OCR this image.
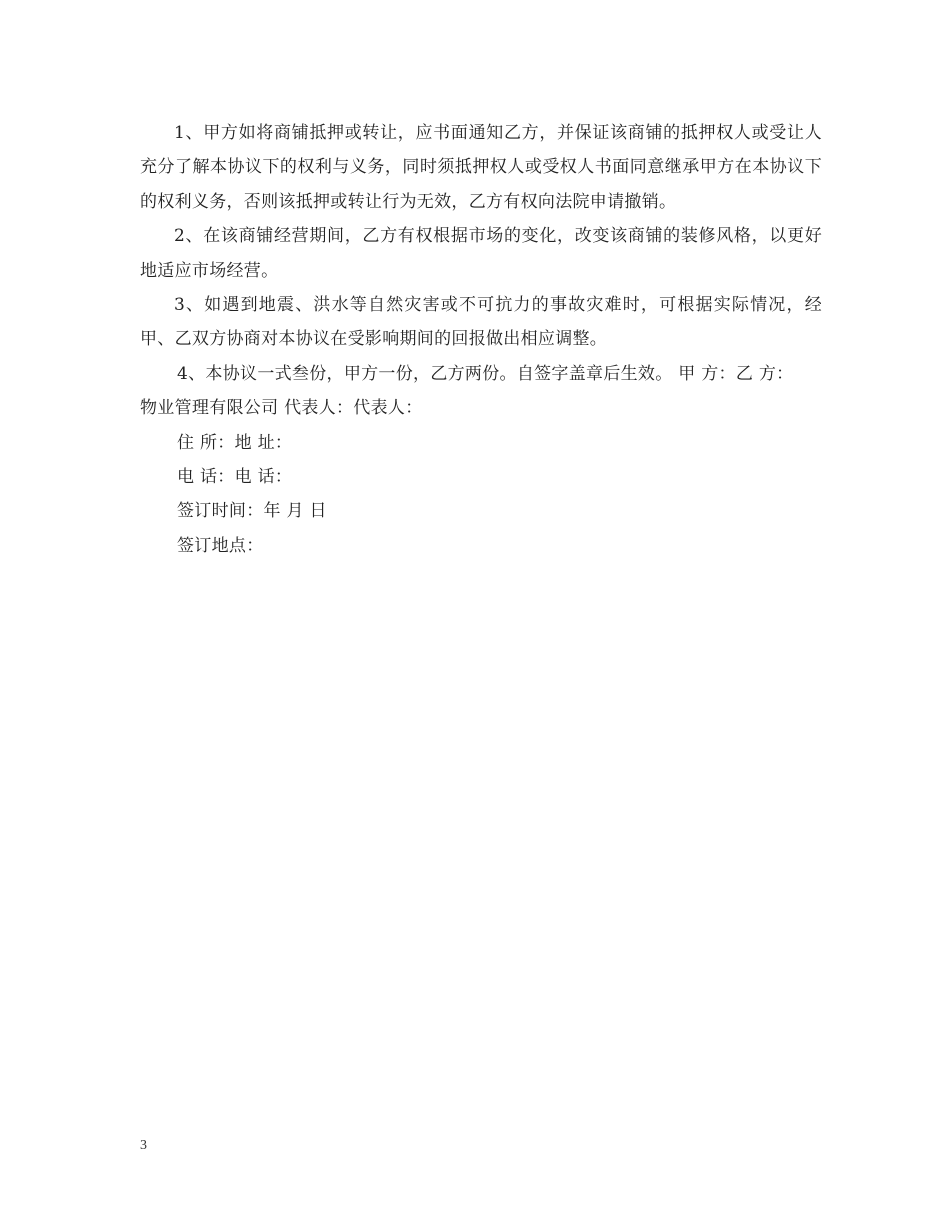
1、甲方如将商铺抵押或转让，应书面通知乙方，并保证该商铺的抵押权人或受让人充分了解本协议下的权利与义务，同时须抵押权人或受权人书面同意继承甲方在本协议下的权利义务，否则该抵押或转让行为无效，乙方有权向法院申请撤销。

2、在该商铺经营期间，乙方有权根据市场的变化，改变该商铺的装修风格，以更好地适应市场经营。

3、如遇到地震、洪水等自然灾害或不可抗力的事故灾难时，可根据实际情况，经甲、乙双方协商对本协议在受影响期间的回报做出相应调整。

4、本协议一式叁份，甲方一份，乙方两份。自签字盖章后生效。 甲 方：乙 方：

物业管理有限公司 代表人：代表人：

住 所：地 址：

电 话：电 话：

签订时间：年 月 日

签订地点：

3
